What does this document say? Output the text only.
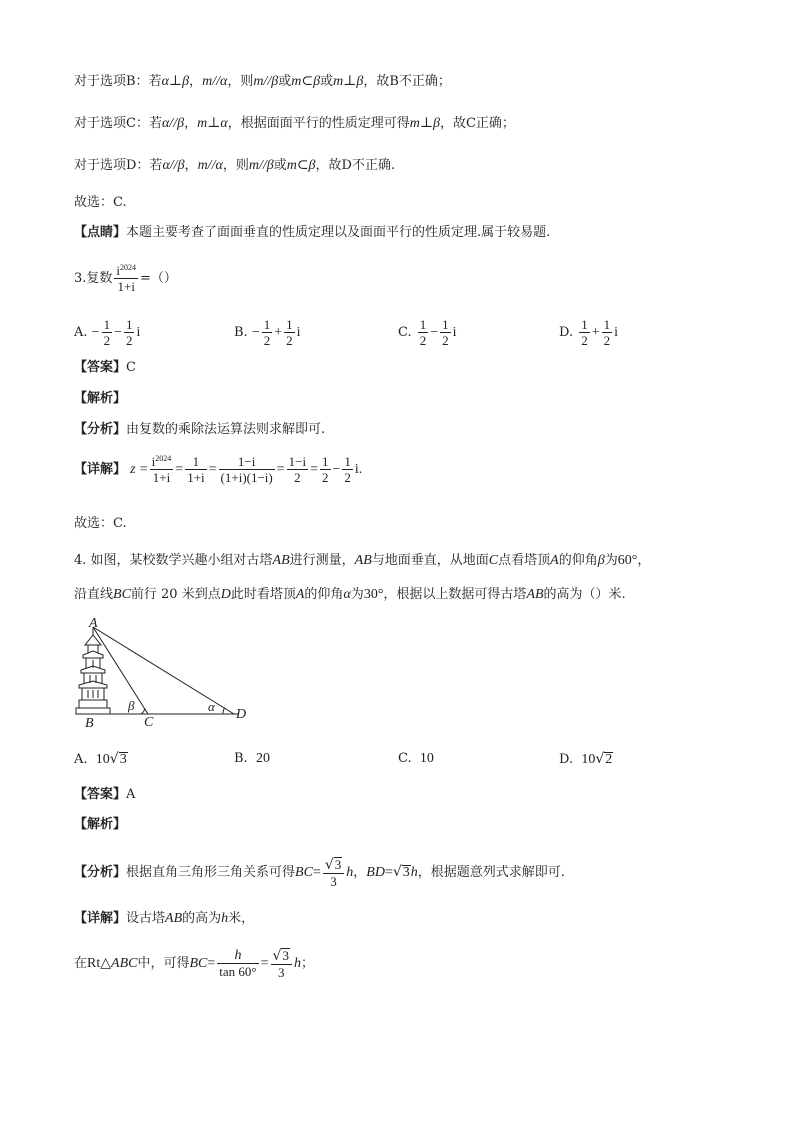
对于选项B：若α⊥β，m//α，则m//β或m⊂β或m⊥β，故B不正确；
对于选项C：若α//β，m⊥α，根据面面平行的性质定理可得m⊥β，故C正确；
对于选项D：若α//β，m//α，则m//β或m⊂β，故D不正确.
故选：C.
【点睛】本题主要考查了面面垂直的性质定理以及面面平行的性质定理.属于较易题.
3.复数 $\frac{i^{2024}}{1+i}$ =（）
A. − $\frac{1}{2} - \frac{1}{2}$ i	B. − $\frac{1}{2} + \frac{1}{2}$ i	C. $\frac{1}{2} - \frac{1}{2}$ i	D. $\frac{1}{2} + \frac{1}{2}$ i
【答案】C
【解析】
【分析】由复数的乘除法运算法则求解即可.
【详解】 $z = \frac{i^{2024}}{1+i} = \frac{1}{1+i} = \frac{1-i}{(1+i)(1-i)} = \frac{1-i}{2} = \frac{1}{2} - \frac{1}{2} i$.
故选：C.
4. 如图，某校数学兴趣小组对古塔AB进行测量，AB与地面垂直，从地面C点看塔顶A的仰角β为60°，
沿直线BC前行 20 米到点D此时看塔顶A的仰角α为30°，根据以上数据可得古塔AB的高为（）米.
A
B	C
D
β	α
A. 10√3	B. 20	C. 10	D. 10√2
【答案】A
【解析】
【分析】根据直角三角形三角关系可得$BC= \frac{√3}{3}$ h，BD=√3h，根据题意列式求解即可.
【详解】设古塔AB的高为h米，
在Rt△ABC中，可得$BC= \frac{h}{\tan 60^\circ} = \frac{√3}{3}$ h；
